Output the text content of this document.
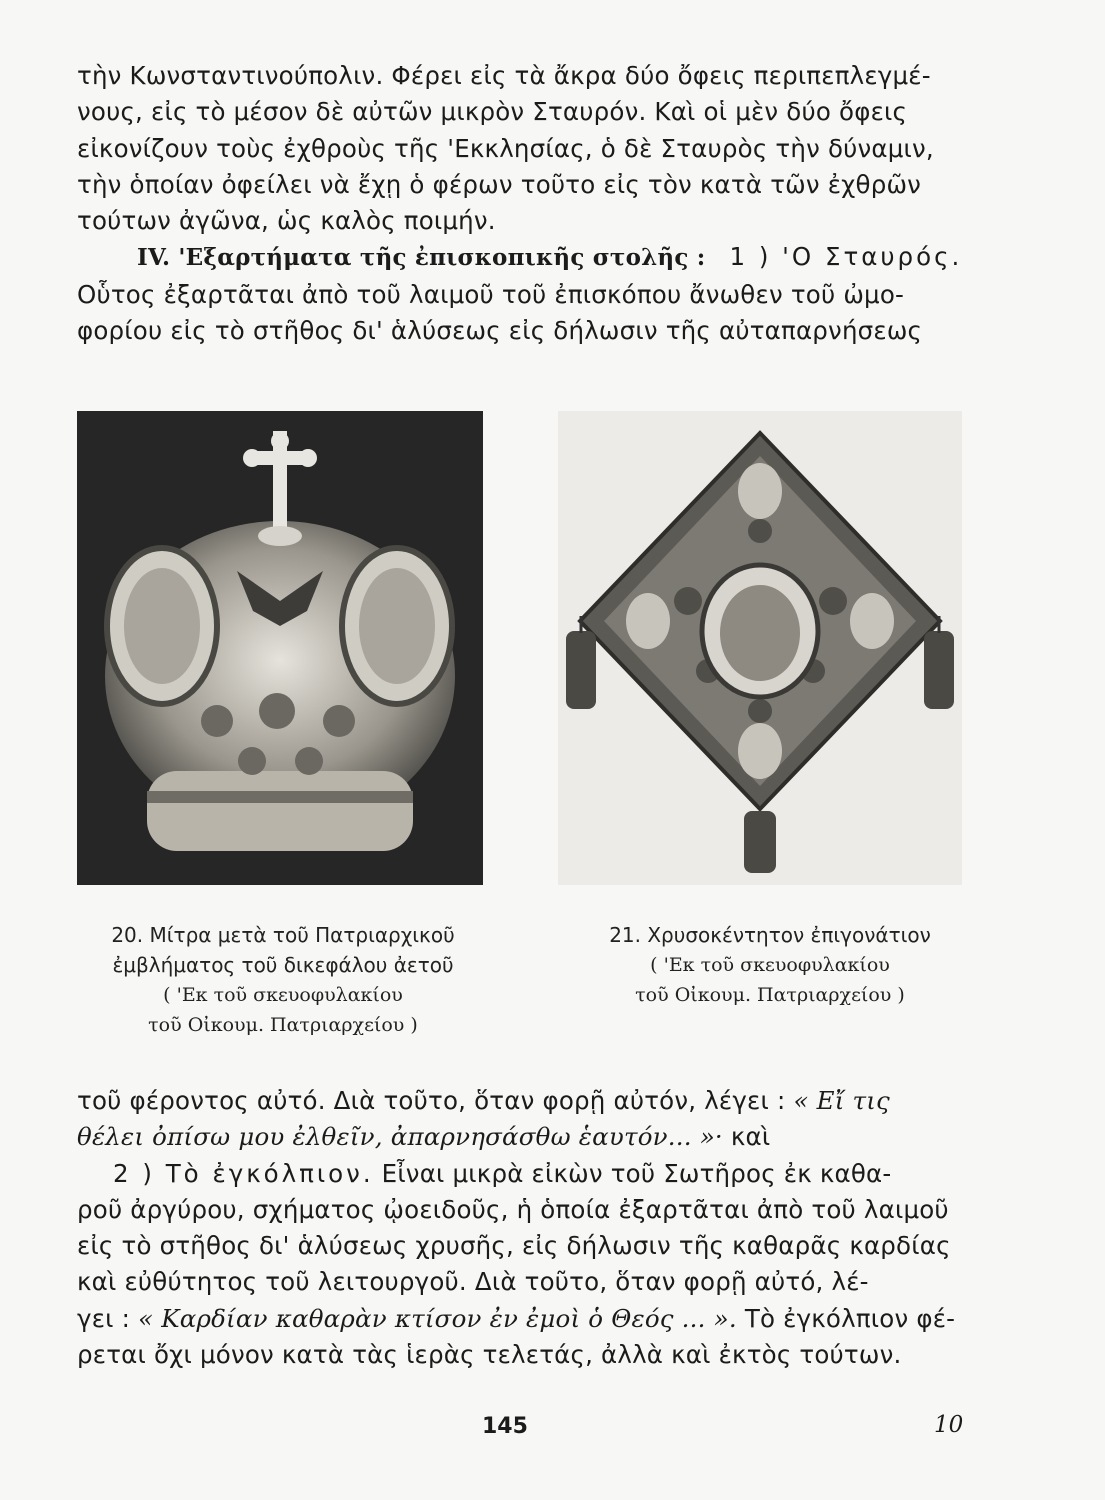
τὴν Κωνσταντινούπολιν. Φέρει εἰς τὰ ἄκρα δύο ὄφεις περιπεπλεγμέ-
νους, εἰς τὸ μέσον δὲ αὐτῶν μικρὸν Σταυρόν. Καὶ οἱ μὲν δύο ὄφεις
εἰκονίζουν τοὺς ἐχθροὺς τῆς 'Εκκλησίας, ὁ δὲ Σταυρὸς τὴν δύναμιν,
τὴν ὁποίαν ὀφείλει νὰ ἔχῃ ὁ φέρων τοῦτο εἰς τὸν κατὰ τῶν ἐχθρῶν
τούτων ἀγῶνα, ὡς καλὸς ποιμήν.
ΙV. 'Εξαρτήματα τῆς ἐπισκοπικῆς στολῆς : 1 ) 'Ο Σταυρός.
Οὗτος ἐξαρτᾶται ἀπὸ τοῦ λαιμοῦ τοῦ ἐπισκόπου ἄνωθεν τοῦ ὠμο-
φορίου εἰς τὸ στῆθος δι' ἁλύσεως εἰς δήλωσιν τῆς αὐταπαρνήσεως
20. Μίτρα μετὰ τοῦ Πατριαρχικοῦ
ἐμβλήματος τοῦ δικεφάλου ἀετοῦ
( 'Εκ τοῦ σκευοφυλακίου
τοῦ Οἰκουμ. Πατριαρχείου )
21. Χρυσοκέντητον ἐπιγονάτιον
( 'Εκ τοῦ σκευοφυλακίου
τοῦ Οἰκουμ. Πατριαρχείου )
τοῦ φέροντος αὐτό. Διὰ τοῦτο, ὅταν φορῇ αὐτόν, λέγει : « Εἴ τις
θέλει ὀπίσω μου ἐλθεῖν, ἀπαρνησάσθω ἑαυτόν... »· καὶ
2 ) Τὸ ἐγκόλπιον. Εἶναι μικρὰ εἰκὼν τοῦ Σωτῆρος ἐκ καθα-
ροῦ ἀργύρου, σχήματος ᾠοειδοῦς, ἡ ὁποία ἐξαρτᾶται ἀπὸ τοῦ λαιμοῦ
εἰς τὸ στῆθος δι' ἁλύσεως χρυσῆς, εἰς δήλωσιν τῆς καθαρᾶς καρδίας
καὶ εὐθύτητος τοῦ λειτουργοῦ. Διὰ τοῦτο, ὅταν φορῇ αὐτό, λέ-
γει : « Καρδίαν καθαρὰν κτίσον ἐν ἐμοὶ ὁ Θεός ... ». Τὸ ἐγκόλπιον φέ-
ρεται ὄχι μόνον κατὰ τὰς ἱερὰς τελετάς, ἀλλὰ καὶ ἐκτὸς τούτων.
145	10
